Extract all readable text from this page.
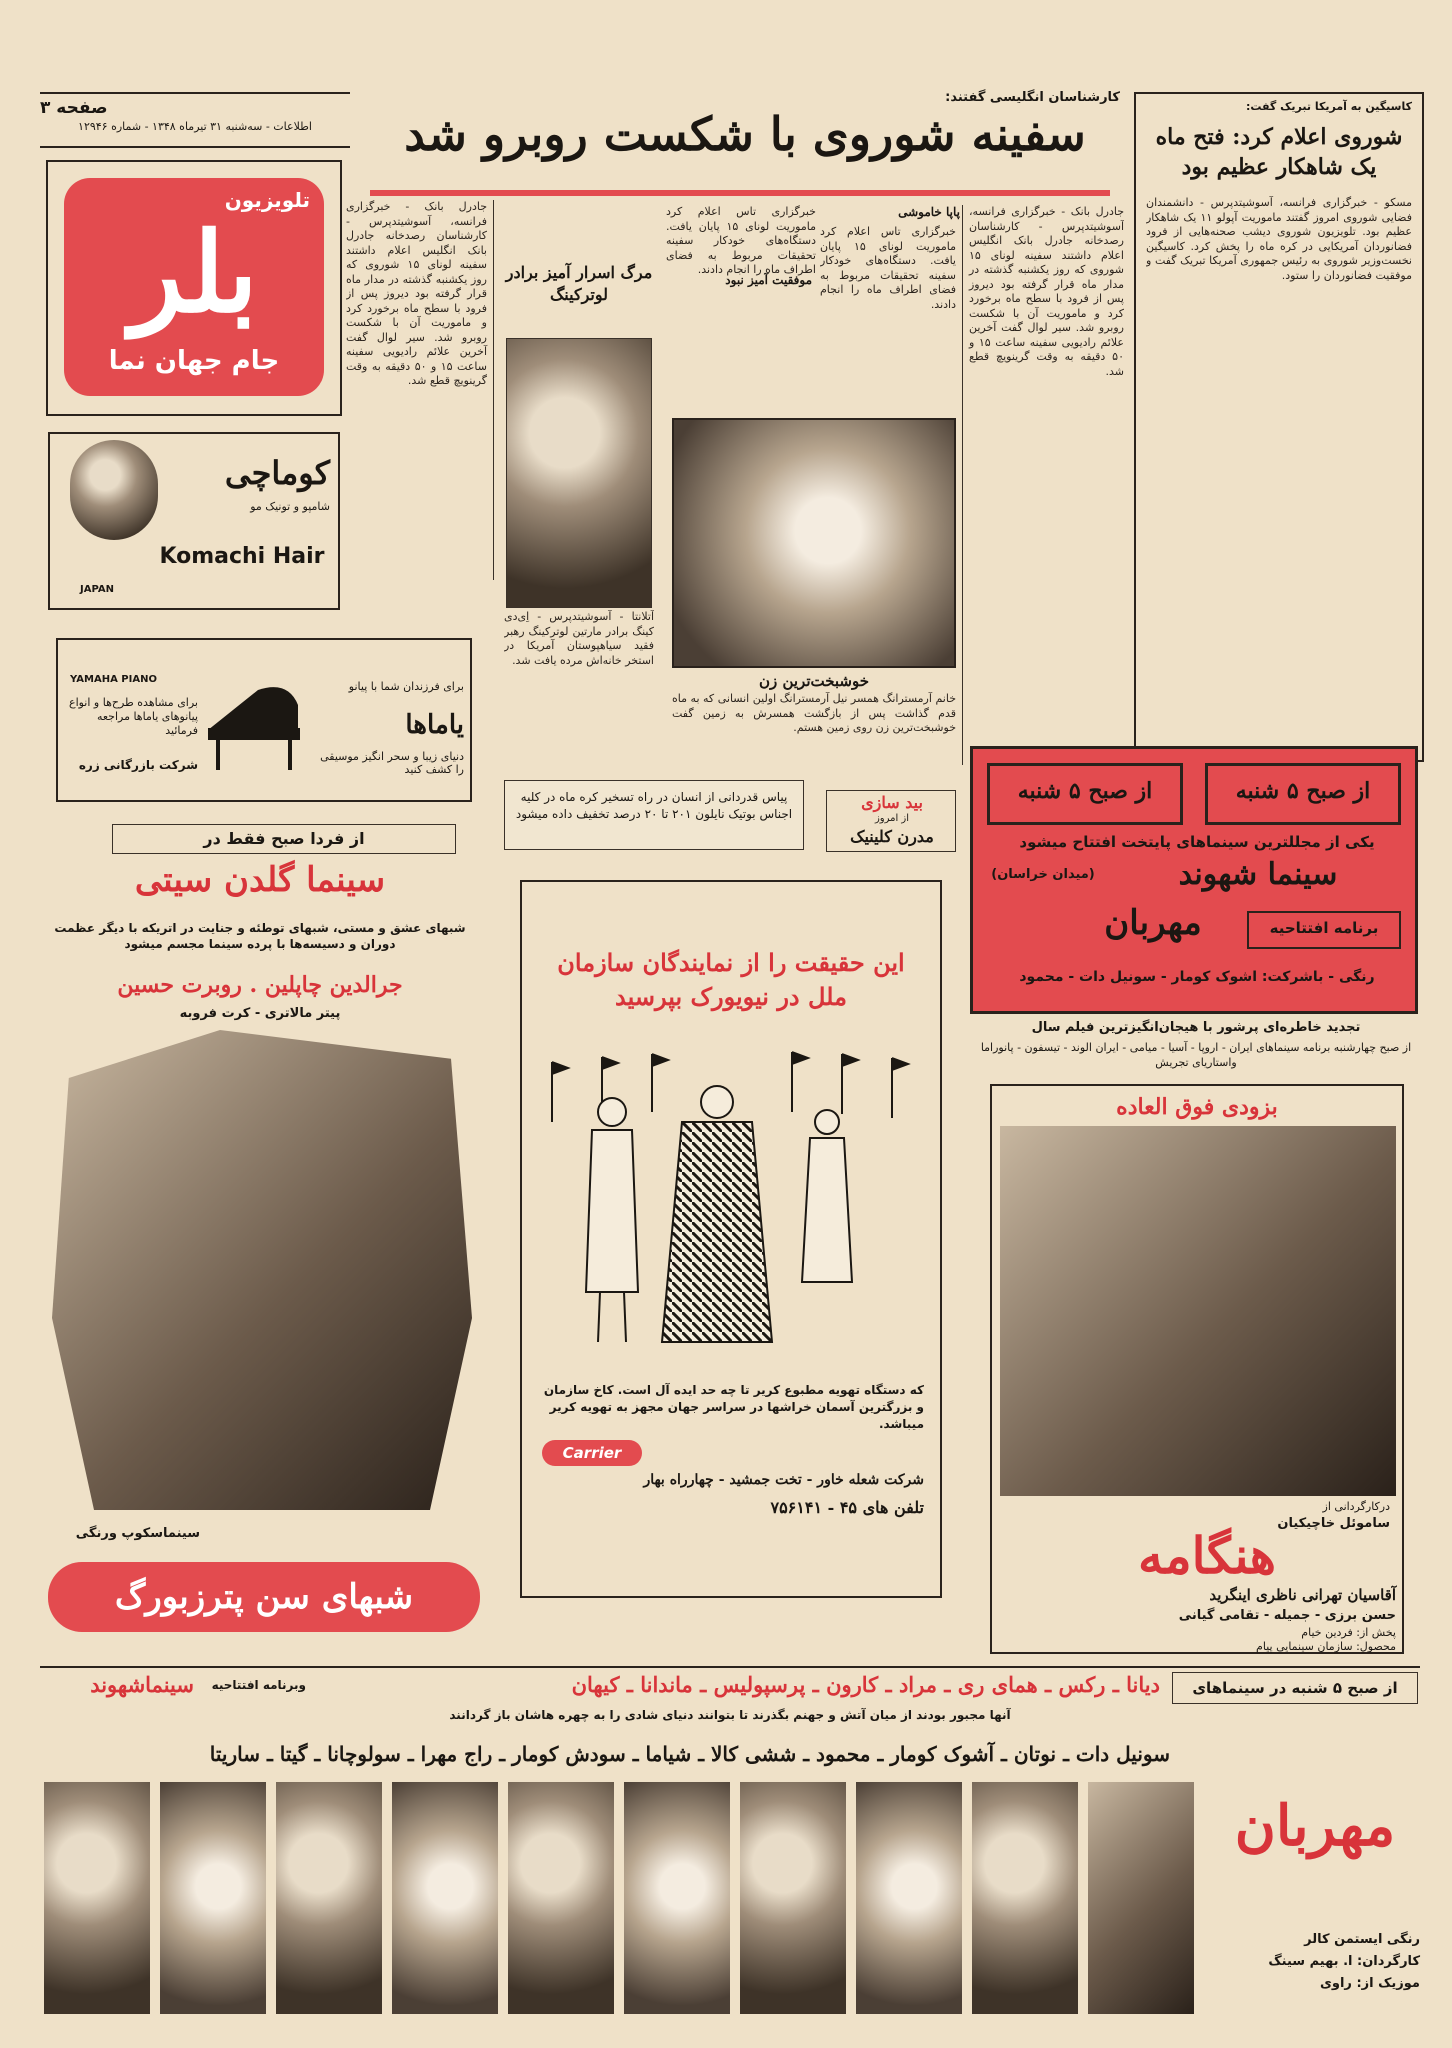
صفحه ۳
اطلاعات - سه‌شنبه ۳۱ تیرماه ۱۳۴۸ - شماره ۱۲۹۴۶
کارشناسان انگلیسی گفتند:
سفینه شوروی با شکست روبرو شد
جادرل بانک - خبرگزاری فرانسه، آسوشیتدپرس - کارشناسان رصدخانه جادرل بانک انگلیس اعلام داشتند سفینه لونای ۱۵ شوروی که روز یکشنبه گذشته در مدار ماه قرار گرفته بود دیروز پس از فرود با سطح ماه برخورد کرد و ماموریت آن با شکست روبرو شد. سیر لوال گفت آخرین علائم رادیویی سفینه ساعت ۱۵ و ۵۰ دقیقه به وقت گرینویچ قطع شد.
مرگ اسرار آمیز برادر لوترکینگ
آتلانتا - آسوشیتدپرس - اِی‌دی کینگ برادر مارتین لوترکینگ رهبر فقید سیاهپوستان آمریکا در استخر خانه‌اش مرده یافت شد.
موفقیت آمیز نبود
خبرگزاری تاس اعلام کرد ماموریت لونای ۱۵ پایان یافت. دستگاه‌های خودکار سفینه تحقیقات مربوط به فضای اطراف ماه را انجام دادند.
خوشبخت‌ترین زن
خانم آرمسترانگ همسر نیل آرمسترانگ اولین انسانی که به ماه قدم گذاشت پس از بازگشت همسرش به زمین گفت خوشبخت‌ترین زن روی زمین هستم.
پاپا خاموشی جادرل بانک - خبرگزاری فرانسه، آسوشیتدپرس - کارشناسان رصدخانه جادرل بانک انگلیس اعلام داشتند سفینه لونای ۱۵ شوروی که روز یکشنبه گذشته در مدار ماه قرار گرفته بود دیروز پس از فرود با سطح ماه برخورد کرد و ماموریت آن با شکست روبرو شد. سیر لوال گفت آخرین علائم رادیویی سفینه ساعت ۱۵ و ۵۰ دقیقه به وقت گرینویچ قطع شد.
خبرگزاری تاس اعلام کرد ماموریت لونای ۱۵ پایان یافت. دستگاه‌های خودکار سفینه تحقیقات مربوط به فضای اطراف ماه را انجام دادند.
کاسیگین به آمریکا تبریک گفت:
شوروی اعلام کرد: فتح ماه یک شاهکار عظیم بود
مسکو - خبرگزاری فرانسه، آسوشیتدپرس - دانشمندان فضایی شوروی امروز گفتند ماموریت آپولو ۱۱ یک شاهکار عظیم بود. تلویزیون شوروی دیشب صحنه‌هایی از فرود فضانوردان آمریکایی در کره ماه را پخش کرد. کاسیگین نخست‌وزیر شوروی به رئیس جمهوری آمریکا تبریک گفت و موفقیت فضانوردان را ستود.
تلویزیون
بلر
جام جهان نما
JAPAN
کوماچی
شامپو و تونیک مو
Komachi Hair
YAMAHA PIANO
برای مشاهده طرح‌ها و انواع پیانوهای یاماها مراجعه فرمائید
شرکت بازرگانی زره
برای فرزندان شما با پیانو
یاماها
دنیای زیبا و سحر انگیز موسیقی را کشف کنید
پیاس قدردانی از انسان در راه تسخیر کره ماه در کلیه اجناس بوتیک نایلون ۲۰۱ تا ۲۰ درصد تخفیف داده میشود
بید سازی
از امروز
مدرن کلینیک
از صبح ۵ شنبه
از صبح ۵ شنبه
یکی از مجللترین سینماهای پایتخت افتتاح میشود
سینما شهوند
(میدان خراسان)
برنامه افتتاحیه
مهربان
رنگی - باشرکت: اشوک کومار - سونیل دات - محمود
تجدید خاطره‌ای پرشور با هیجان‌انگیزترین فیلم سال
از صبح چهارشنبه برنامه سینماهای ایران - اروپا - آسیا - میامی - ایران الوند - تیسفون - پانوراما واستاریای تجریش
از فردا صبح فقط در
سینما گلدن سیتی
شبهای عشق و مستی، شبهای توطئه و جنایت در اتریکه با دیگر عظمت دوران و دسیسه‌ها با پرده سینما مجسم میشود
جرالدین چاپلین . روبرت حسین
پیتر مالاتری - کرت فروبه
سینماسکوپ ورنگی
شبهای سن پترزبورگ
این حقیقت را از نمایندگان سازمان
ملل در نیویورک بپرسید
که دستگاه تهویه مطبوع کریر تا چه حد ایده آل است. کاخ سازمان و بزرگترین آسمان خراشها در سراسر جهان مجهز به تهویه کریر میباشد.
Carrier
شرکت شعله خاور - تخت جمشید - چهارراه بهار
تلفن های ۴۵ - ۷۵۶۱۴۱
بزودی فوق العاده
درکارگردانی از
ساموئل خاچیکیان
هنگامه
آقاسیان تهرانی ناظری اینگرید
حسن برزی - جمیله - تقامی گیانی
پخش از: فردین خیام
محصول: سازمان سینمایی پیام
از صبح ۵ شنبه در سینماهای
دیانا ـ رکس ـ همای ری ـ مراد ـ کارون ـ پرسپولیس ـ ماندانا ـ کیهان
وبرنامه افتتاحیه
سینماشهوند
آنها مجبور بودند از میان آتش و جهنم بگذرند تا بتوانند دنیای شادی را به چهره هاشان باز گردانند
سونیل دات ـ نوتان ـ آشوک کومار ـ محمود ـ ششی کالا ـ شیاما ـ سودش کومار ـ راج مهرا ـ سولوچانا ـ گیتا ـ ساریتا
مهربان
رنگی ایستمن کالر
کارگردان: ا. بهیم سینگ
موزیک از: راوی
